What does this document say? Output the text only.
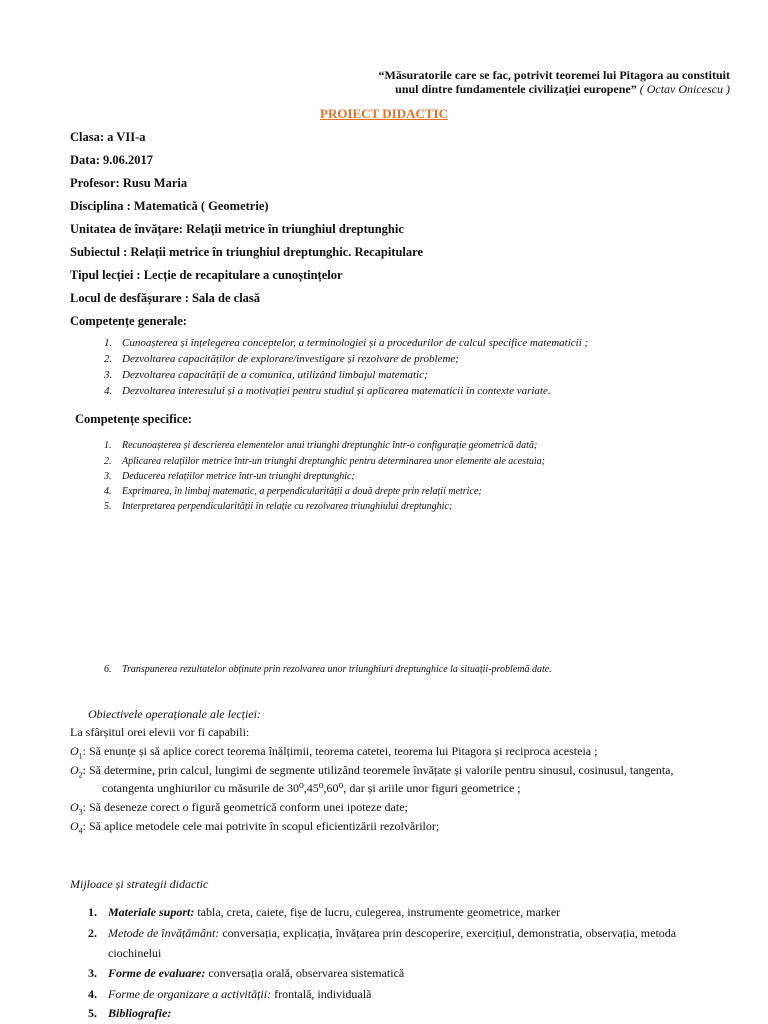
“Măsuratorile care se fac, potrivit teoremei lui Pitagora au constituit
unul dintre fundamentele civilizației europene” ( Octav Onicescu )
PROIECT DIDACTIC
Clasa: a VII-a
Data: 9.06.2017
Profesor: Rusu Maria
Disciplina : Matematică ( Geometrie)
Unitatea de învățare: Relații metrice în triunghiul dreptunghic
Subiectul : Relații metrice în triunghiul dreptunghic. Recapitulare
Tipul lecției : Lecție de recapitulare a cunoștințelor
Locul de desfășurare : Sala de clasă
Competențe generale:
1. Cunoașterea și înțelegerea conceptelor, a terminologiei și a procedurilor de calcul specifice matematicii ;
2. Dezvoltarea capacităților de explorare/investigare și rezolvare de probleme;
3. Dezvoltarea capacității de a comunica, utilizând limbajul matematic;
4. Dezvoltarea interesului și a motivației pentru studiul și aplicarea matematicii în contexte variate.
Competențe specifice:
1. Recunoașterea și descrierea elementelor unui triunghi dreptunghic într-o configurație geometrică dată;
2. Aplicarea relațiilor metrice într-un triunghi dreptunghic pentru determinarea unor elemente ale acestuia;
3. Deducerea relațiilor metrice într-un triunghi dreptunghic;
4. Exprimarea, în limbaj matematic, a perpendicularității a două drepte prin relații metrice;
5. Interpretarea perpendicularității în relație cu rezolvarea triunghiului dreptunghic;
6. Transpunerea rezultatelor obținute prin rezolvarea unor triunghiuri dreptunghice la situații-problemă date.
Obiectivele operaționale ale lecției:
La sfârșitul orei elevii vor fi capabili:
$O_1$: Să enunțe și să aplice corect teorema înălțimii, teorema catetei, teorema lui Pitagora și reciproca acesteia ;
$O_2$: Să determine, prin calcul, lungimi de segmente utilizând teoremele învățate și valorile pentru sinusul, cosinusul, tangenta,
cotangenta unghiurilor cu măsurile de 30⁰,45⁰,60⁰, dar și ariile unor figuri geometrice ;
$O_3$: Să deseneze corect o figură geometrică conform unei ipoteze date;
$O_4$: Să aplice metodele cele mai potrivite în scopul eficientizării rezolvărilor;
Mijloace și strategii didactic
1. Materiale suport: tabla, creta, caiete, fișe de lucru, culegerea, instrumente geometrice, marker
2. Metode de învățământ: conversația, explicația, învățarea prin descoperire, exercițiul, demonstratia, observația, metoda
ciochinelui
3. Forme de evaluare: conversația orală, observarea sistematică
4. Forme de organizare a activității: frontală, individuală
5. Bibliografie:
